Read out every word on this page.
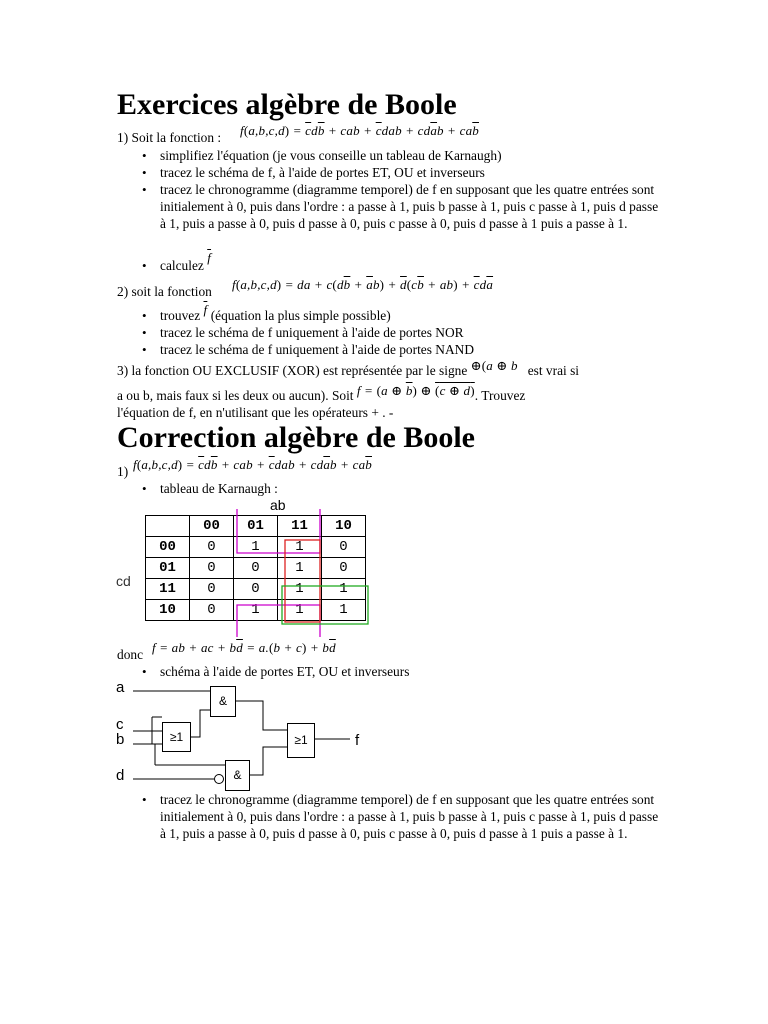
Exercices algèbre de Boole
1) Soit la fonction : $f(a,b,c,d) = \overline{c}d\overline{b}$ + cab + $\overline{c}dab + cd\overline{a}b + ca\overline{b}$
• simplifiez l'équation (je vous conseille un tableau de Karnaugh)
• tracez le schéma de f, à l'aide de portes ET, OU et inverseurs
• tracez le chronogramme (diagramme temporel) de f en supposant que les quatre entrées sont initialement à 0, puis dans l'ordre : a passe à 1, puis b passe à 1, puis c passe à 1, puis d passe à 1, puis a passe à 0, puis d passe à 0, puis c passe à 0, puis d passe à 1 puis a passe à 1.
• calculez $\overline{f}$
2) soit la fonction f(a,b,c,d) = da + $c(d\overline{b} + \overline{a}b) + \overline{d}(c\overline{b} + ab) + \overline{c}d\overline{a}$
• trouvez $\overline{f}$ (équation la plus simple possible)
• tracez le schéma de f uniquement à l'aide de portes NOR
• tracez le schéma de f uniquement à l'aide de portes NAND
3) la fonction OU EXCLUSIF (XOR) est représentée par le signe ⊕(a ⊕ b est vrai si
a ou b, mais faux si les deux ou aucun). Soit f = (a ⊕ $\overline{b}$) ⊕ (c ⊕ d). Trouvez
l'équation de f, en n'utilisant que les opérateurs + . -
Correction algèbre de Boole
1) $f(a,b,c,d) = \overline{c}d\overline{b}$ + cab + $\overline{c}dab + cd\overline{a}b + ca\overline{b}$
• tableau de Karnaugh :
ab
cd
	00	01	11	10
00	0	1	1	0
01	0	0	1	0
11	0	0	1	1
10	0	1	1	1
donc f = ab + ac + $b\overline{d} = a.(b + c) + b\overline{d}$
• schéma à l'aide de portes ET, OU et inverseurs
a
c
b
d
f
&
≥1
&
≥1
• tracez le chronogramme (diagramme temporel) de f en supposant que les quatre entrées sont initialement à 0, puis dans l'ordre : a passe à 1, puis b passe à 1, puis c passe à 1, puis d passe à 1, puis a passe à 0, puis d passe à 0, puis c passe à 0, puis d passe à 1 puis a passe à 1.
